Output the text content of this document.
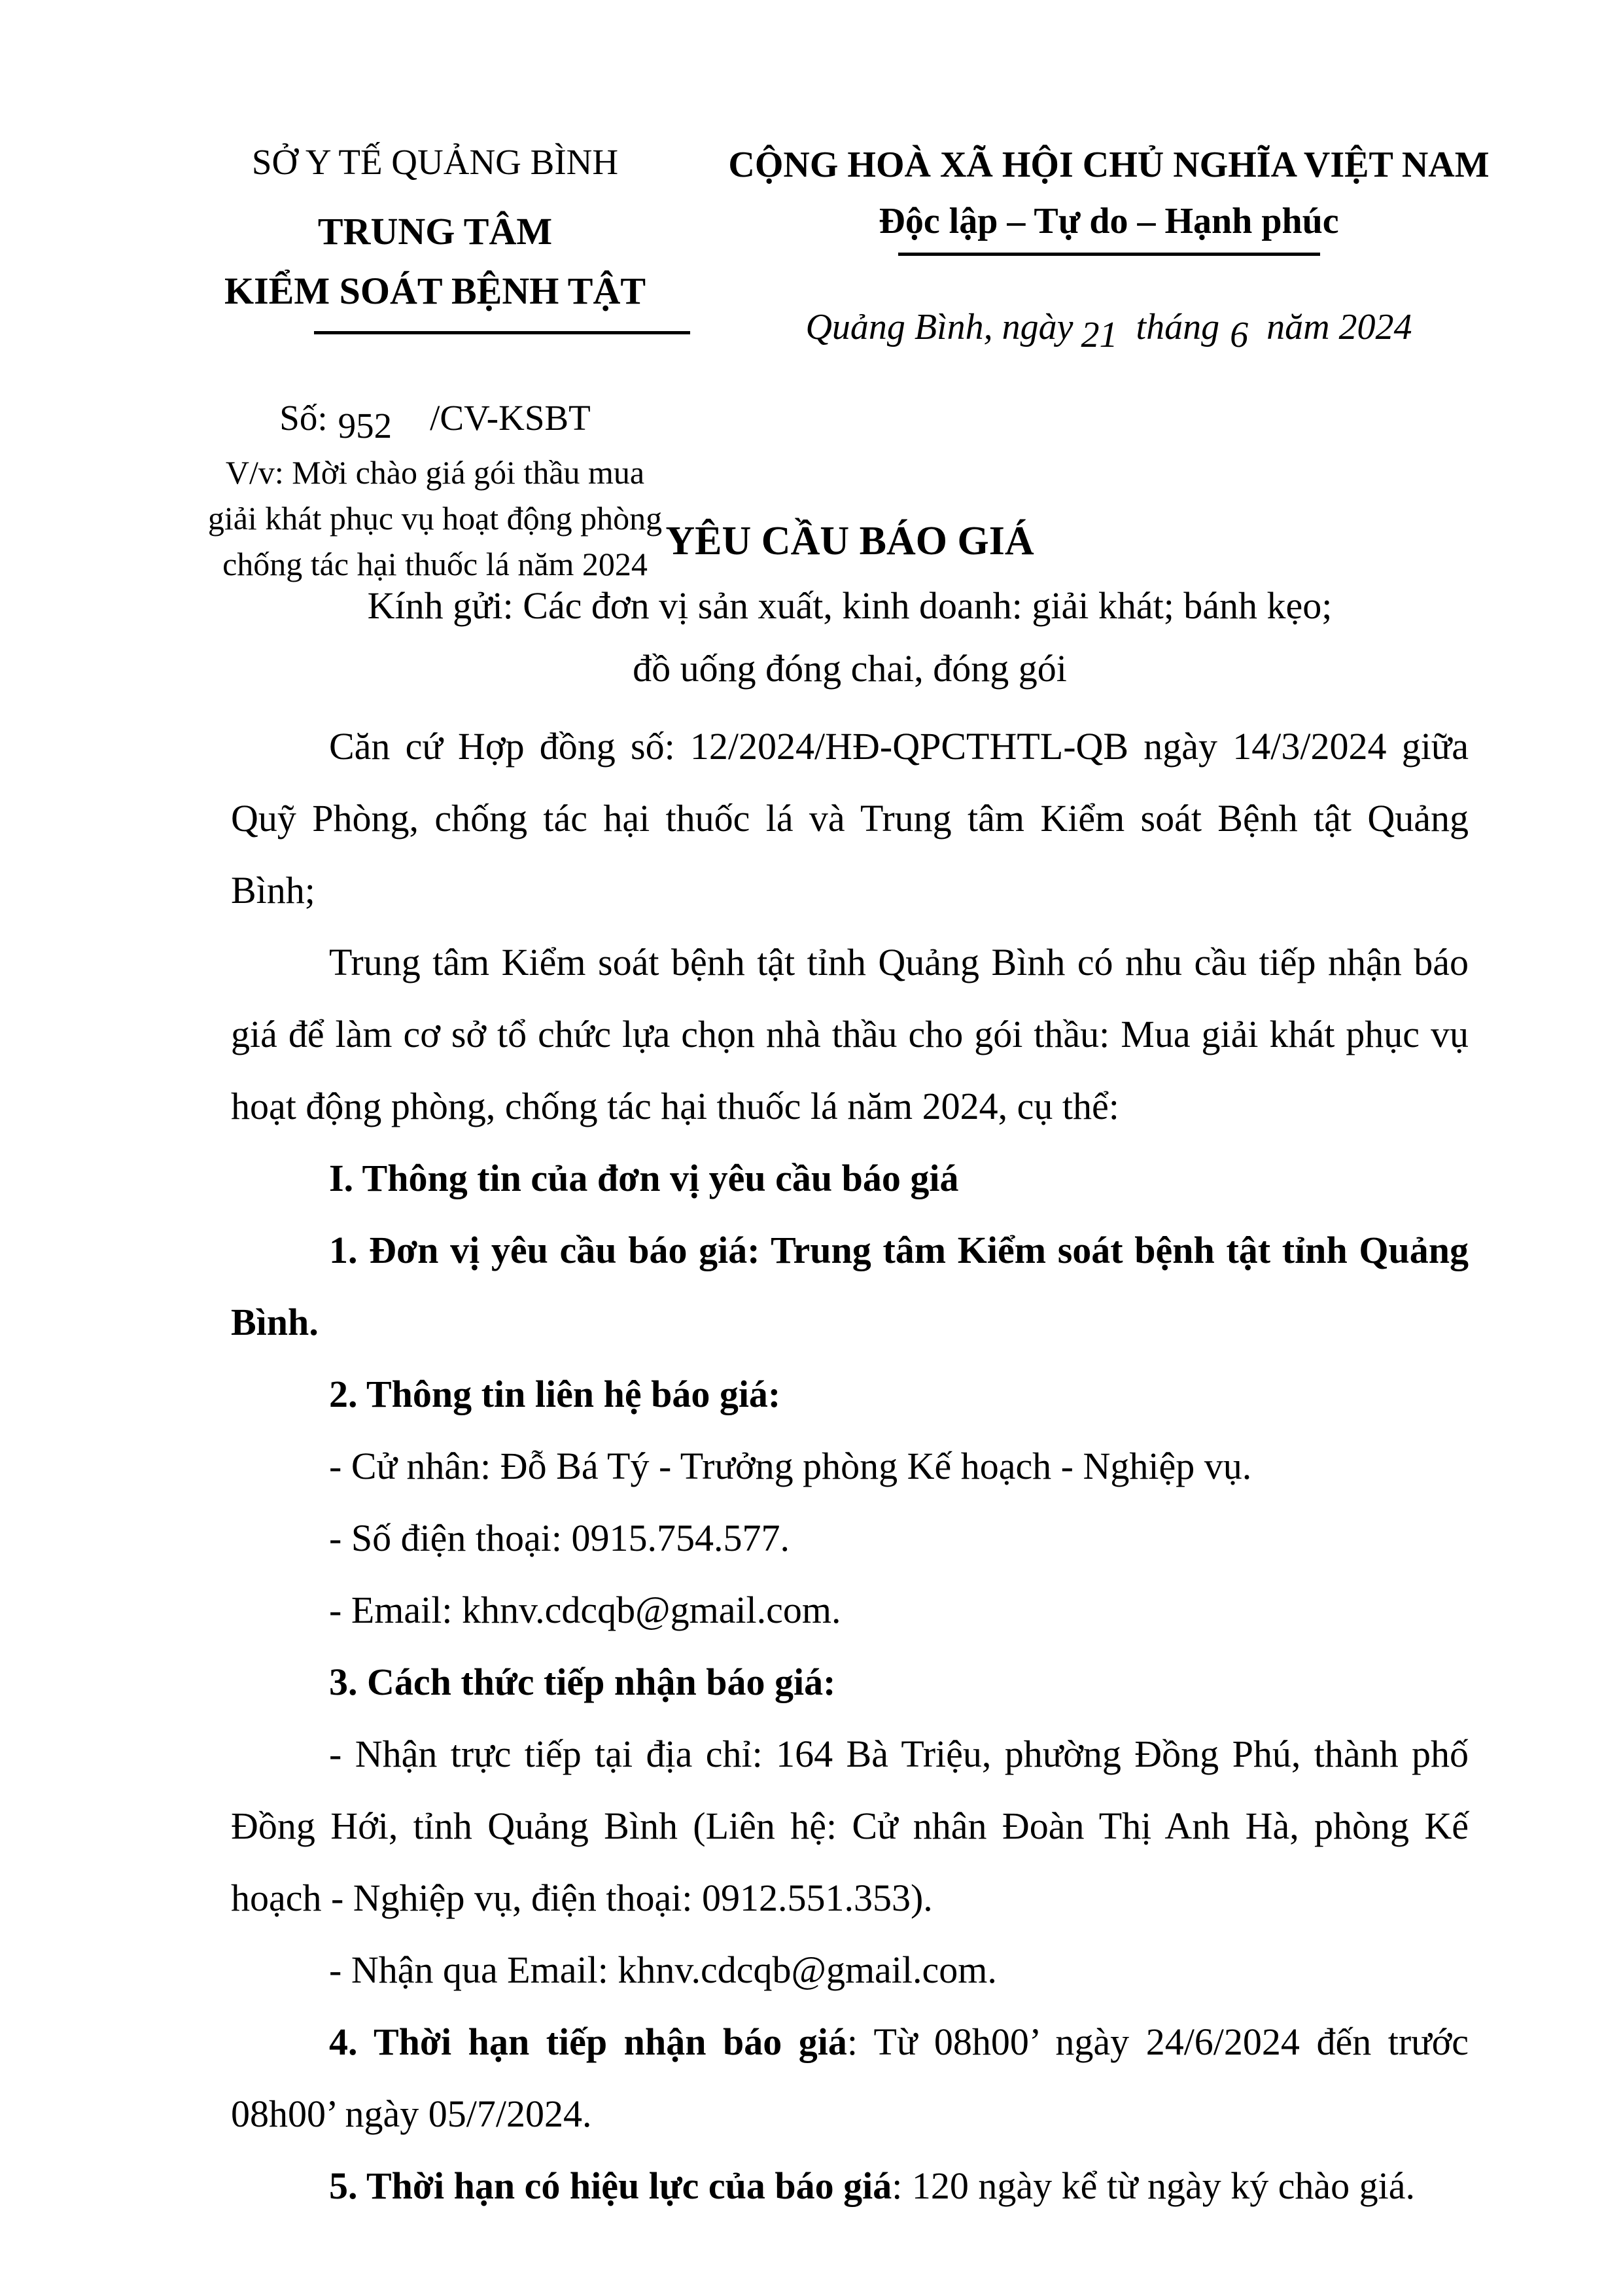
SỞ Y TẾ QUẢNG BÌNH
TRUNG TÂM
KIỂM SOÁT BỆNH TẬT
Số: 952 /CV-KSBT
V/v: Mời chào giá gói thầu mua
giải khát phục vụ hoạt động phòng
chống tác hại thuốc lá năm 2024
CỘNG HOÀ XÃ HỘI CHỦ NGHĨA VIỆT NAM
Độc lập – Tự do – Hạnh phúc
Quảng Bình, ngày 21 tháng 6 năm 2024
YÊU CẦU BÁO GIÁ
Kính gửi: Các đơn vị sản xuất, kinh doanh: giải khát; bánh kẹo;
đồ uống đóng chai, đóng gói

Căn cứ Hợp đồng số: 12/2024/HĐ-QPCTHTL-QB ngày 14/3/2024 giữa Quỹ Phòng, chống tác hại thuốc lá và Trung tâm Kiểm soát Bệnh tật Quảng Bình;

Trung tâm Kiểm soát bệnh tật tỉnh Quảng Bình có nhu cầu tiếp nhận báo giá để làm cơ sở tổ chức lựa chọn nhà thầu cho gói thầu: Mua giải khát phục vụ hoạt động phòng, chống tác hại thuốc lá năm 2024, cụ thể:

I. Thông tin của đơn vị yêu cầu báo giá

1. Đơn vị yêu cầu báo giá: Trung tâm Kiểm soát bệnh tật tỉnh Quảng Bình.

2. Thông tin liên hệ báo giá:

- Cử nhân: Đỗ Bá Tý - Trưởng phòng Kế hoạch - Nghiệp vụ.

- Số điện thoại: 0915.754.577.

- Email: khnv.cdcqb@gmail.com.

3. Cách thức tiếp nhận báo giá:

- Nhận trực tiếp tại địa chỉ: 164 Bà Triệu, phường Đồng Phú, thành phố Đồng Hới, tỉnh Quảng Bình (Liên hệ: Cử nhân Đoàn Thị Anh Hà, phòng Kế hoạch - Nghiệp vụ, điện thoại: 0912.551.353).

- Nhận qua Email: khnv.cdcqb@gmail.com.

4. Thời hạn tiếp nhận báo giá: Từ 08h00’ ngày 24/6/2024 đến trước 08h00’ ngày 05/7/2024.

5. Thời hạn có hiệu lực của báo giá: 120 ngày kể từ ngày ký chào giá.
